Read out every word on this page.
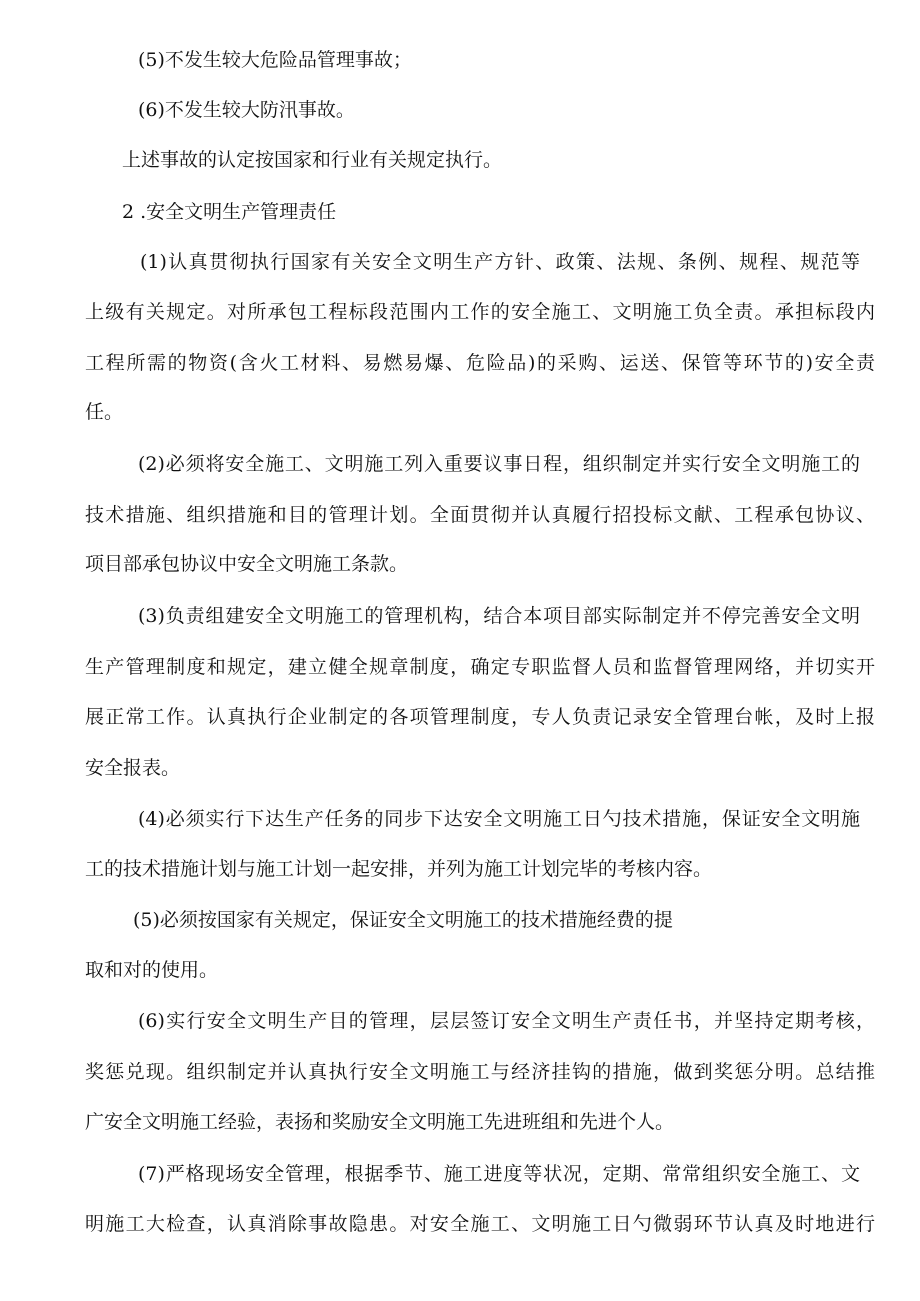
(5)不发生较大危险品管理事故；
(6)不发生较大防汛事故。
上述事故的认定按国家和行业有关规定执行。
2 .安全文明生产管理责任
(1)认真贯彻执行国家有关安全文明生产方针、政策、法规、条例、规程、规范等
上级有关规定。对所承包工程标段范围内工作的安全施工、文明施工负全责。承担标段内
工程所需的物资(含火工材料、易燃易爆、危险品)的采购、运送、保管等环节的)安全责
任。
(2)必须将安全施工、文明施工列入重要议事日程，组织制定并实行安全文明施工的
技术措施、组织措施和目的管理计划。全面贯彻并认真履行招投标文献、工程承包协议、
项目部承包协议中安全文明施工条款。
(3)负责组建安全文明施工的管理机构，结合本项目部实际制定并不停完善安全文明
生产管理制度和规定，建立健全规章制度，确定专职监督人员和监督管理网络，并切实开
展正常工作。认真执行企业制定的各项管理制度，专人负责记录安全管理台帐，及时上报
安全报表。
(4)必须实行下达生产任务的同步下达安全文明施工日勺技术措施，保证安全文明施
工的技术措施计划与施工计划一起安排，并列为施工计划完毕的考核内容。
(5)必须按国家有关规定，保证安全文明施工的技术措施经费的提
取和对的使用。
(6)实行安全文明生产目的管理，层层签订安全文明生产责任书，并坚持定期考核，
奖惩兑现。组织制定并认真执行安全文明施工与经济挂钩的措施，做到奖惩分明。总结推
广安全文明施工经验，表扬和奖励安全文明施工先进班组和先进个人。
(7)严格现场安全管理，根据季节、施工进度等状况，定期、常常组织安全施工、文
明施工大检查，认真消除事故隐患。对安全施工、文明施工日勺微弱环节认真及时地进行
